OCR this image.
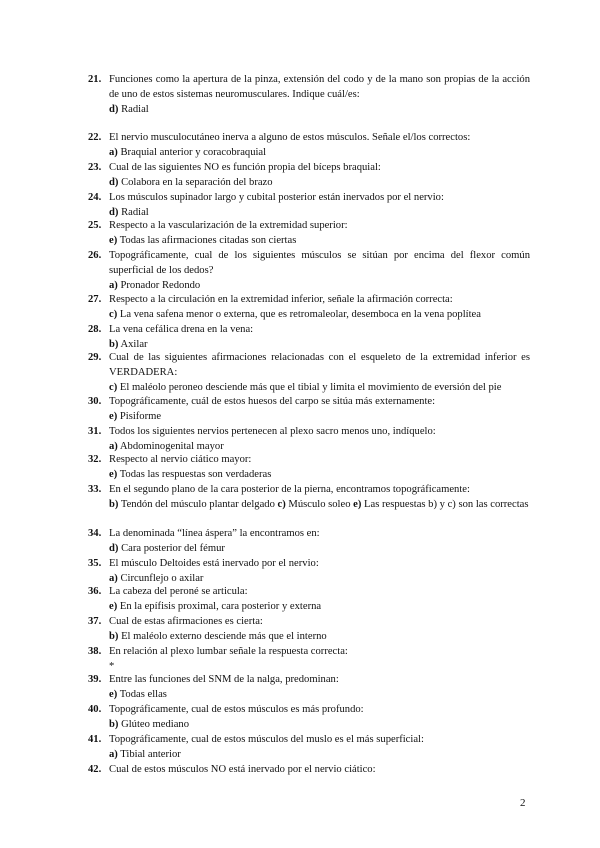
21. Funciones como la apertura de la pinza, extensión del codo y de la mano son propias de la acción de uno de estos sistemas neuromusculares. Indique cuál/es:
d) Radial
22. El nervio musculocutáneo inerva a alguno de estos músculos. Señale el/los correctos:
a) Braquial anterior y coracobraquial
23. Cual de las siguientes NO es función propia del bíceps braquial:
d) Colabora en la separación del brazo
24. Los músculos supinador largo y cubital posterior están inervados por el nervio:
d) Radial
25. Respecto a la vascularización de la extremidad superior:
e) Todas las afirmaciones citadas son ciertas
26. Topográficamente, cual de los siguientes músculos se sitúan por encima del flexor común superficial de los dedos?
a) Pronador Redondo
27. Respecto a la circulación en la extremidad inferior, señale la afirmación correcta:
c) La vena safena menor o externa, que es retromaleolar, desemboca en la vena poplítea
28. La vena cefálica drena en la vena:
b) Axilar
29. Cual de las siguientes afirmaciones relacionadas con el esqueleto de la extremidad inferior es VERDADERA:
c) El maléolo peroneo desciende más que el tibial y limita el movimiento de eversión del pie
30. Topográficamente, cuál de estos huesos del carpo se sitúa más externamente:
e) Pisiforme
31. Todos los siguientes nervios pertenecen al plexo sacro menos uno, indíquelo:
a) Abdominogenital mayor
32. Respecto al nervio ciático mayor:
e) Todas las respuestas son verdaderas
33. En el segundo plano de la cara posterior de la pierna, encontramos topográficamente:
b) Tendón del músculo plantar delgado c) Músculo soleo e) Las respuestas b) y c) son las correctas
34. La denominada “línea áspera” la encontramos en:
d) Cara posterior del fémur
35. El músculo Deltoides está inervado por el nervio:
a) Circunflejo o axilar
36. La cabeza del peroné se articula:
e) En la epífisis proximal, cara posterior y externa
37. Cual de estas afirmaciones es cierta:
b) El maléolo externo desciende más que el interno
38. En relación al plexo lumbar señale la respuesta correcta:
*
39. Entre las funciones del SNM de la nalga, predominan:
e) Todas ellas
40. Topográficamente, cual de estos músculos es más profundo:
b) Glúteo mediano
41. Topográficamente, cual de estos músculos del muslo es el más superficial:
a) Tibial anterior
42. Cual de estos músculos NO está inervado por el nervio ciático:
2
